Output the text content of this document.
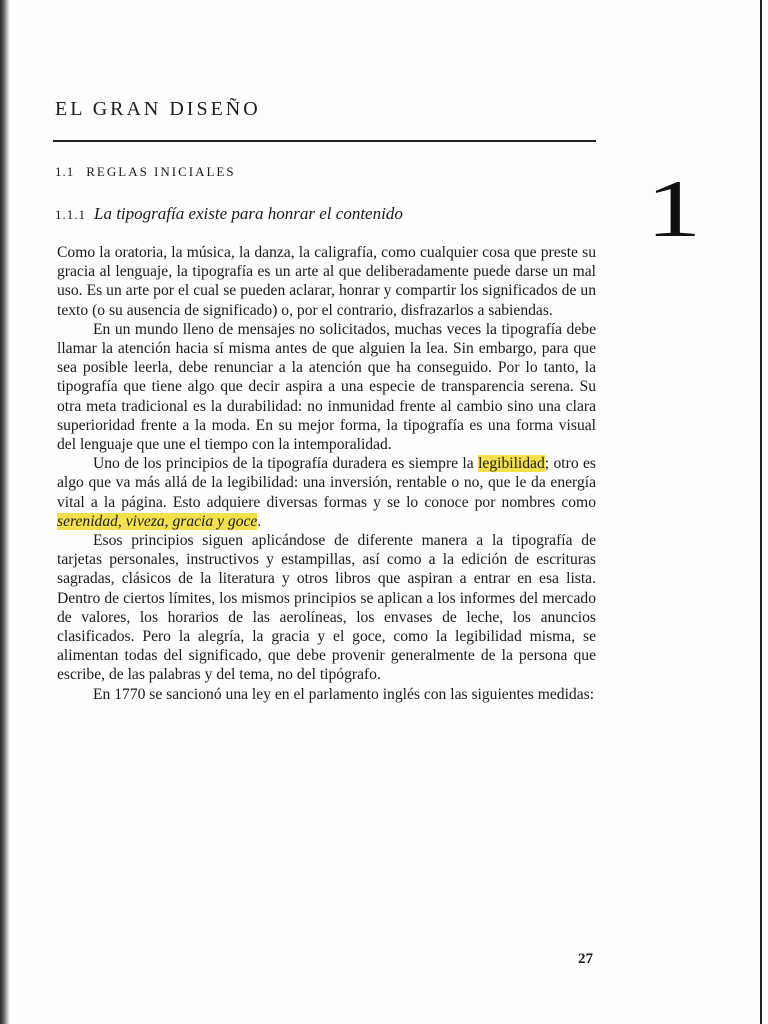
EL GRAN DISEÑO
1.1 REGLAS INICIALES
1.1.1 La tipografía existe para honrar el contenido	1

Como la oratoria, la música, la danza, la caligrafía, como cualquier cosa que preste su gracia al lenguaje, la tipografía es un arte al que deliberadamente puede darse un mal uso. Es un arte por el cual se pueden aclarar, honrar y compartir los significados de un texto (o su ausencia de significado) o, por el contrario, disfrazarlos a sabiendas.

En un mundo lleno de mensajes no solicitados, muchas veces la tipografía debe llamar la atención hacia sí misma antes de que alguien la lea. Sin embargo, para que sea posible leerla, debe renunciar a la atención que ha conseguido. Por lo tanto, la tipografía que tiene algo que decir aspira a una especie de transparencia serena. Su otra meta tradicional es la durabilidad: no inmunidad frente al cambio sino una clara superioridad frente a la moda. En su mejor forma, la tipografía es una forma visual del lenguaje que une el tiempo con la intemporalidad.

Uno de los principios de la tipografía duradera es siempre la legibilidad; otro es algo que va más allá de la legibilidad: una inversión, rentable o no, que le da energía vital a la página. Esto adquiere diversas formas y se lo conoce por nombres como serenidad, viveza, gracia y goce.

Esos principios siguen aplicándose de diferente manera a la tipografía de tarjetas personales, instructivos y estampillas, así como a la edición de escrituras sagradas, clásicos de la literatura y otros libros que aspiran a entrar en esa lista. Dentro de ciertos límites, los mismos principios se aplican a los informes del mercado de valores, los horarios de las aerolíneas, los envases de leche, los anuncios clasificados. Pero la alegría, la gracia y el goce, como la legibilidad misma, se alimentan todas del significado, que debe provenir generalmente de la persona que escribe, de las palabras y del tema, no del tipógrafo.

En 1770 se sancionó una ley en el parlamento inglés con las siguientes medidas:

27
